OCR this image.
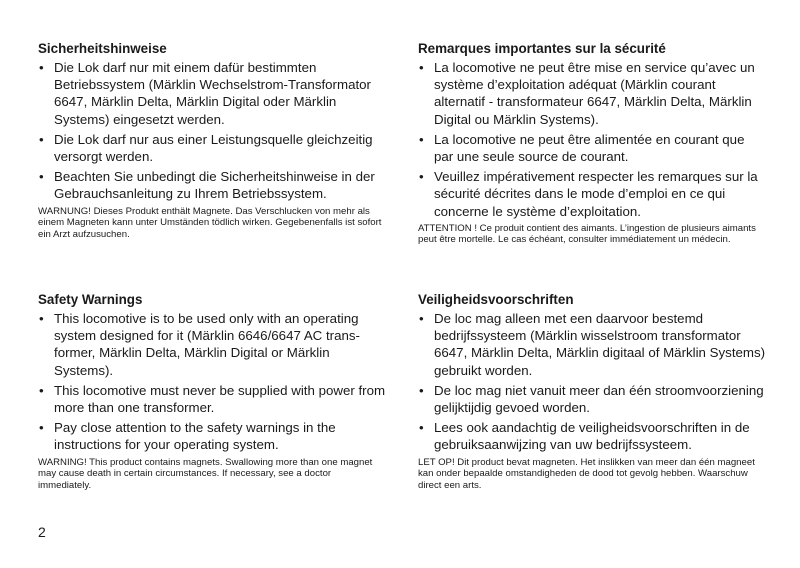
Sicherheitshinweise
• Die Lok darf nur mit einem dafür bestimmten Betriebssystem (Märklin Wechselstrom-Transformator 6647, Märklin Delta, Märklin Digital oder Märklin Systems) eingesetzt werden.
• Die Lok darf nur aus einer Leistungsquelle gleichzeitig versorgt werden.
• Beachten Sie unbedingt die Sicherheitshinweise in der Gebrauchsanleitung zu Ihrem Betriebssystem.

WARNUNG! Dieses Produkt enthält Magnete. Das Verschlucken von mehr als einem Magneten kann unter Umständen tödlich wirken. Gegebenenfalls ist sofort ein Arzt aufzusuchen.

Remarques importantes sur la sécurité
• La locomotive ne peut être mise en service qu’avec un système d’exploitation adéquat (Märklin courant alternatif - transformateur 6647, Märklin Delta, Märklin Digital ou Märklin Systems).
• La locomotive ne peut être alimentée en courant que par une seule source de courant.
• Veuillez impérativement respecter les remarques sur la sécurité décrites dans le mode d’emploi en ce qui concerne le système d’exploitation.

ATTENTION ! Ce produit contient des aimants. L’ingestion de plusieurs aimants peut être mortelle. Le cas échéant, consulter immédiatement un médecin.

Safety Warnings
• This locomotive is to be used only with an operating system designed for it (Märklin 6646/6647 AC trans-former, Märklin Delta, Märklin Digital or Märklin Systems).
• This locomotive must never be supplied with power from more than one transformer.
• Pay close attention to the safety warnings in the instructions for your operating system.

WARNING! This product contains magnets. Swallowing more than one magnet may cause death in certain circumstances. If necessary, see a doctor immediately.

Veiligheidsvoorschriften
• De loc mag alleen met een daarvoor bestemd bedrijfssysteem (Märklin wisselstroom transformator 6647, Märklin Delta, Märklin digitaal of Märklin Systems) gebruikt worden.
• De loc mag niet vanuit meer dan één stroomvoorziening gelijktijdig gevoed worden.
• Lees ook aandachtig de veiligheidsvoorschriften in de gebruiksaanwijzing van uw bedrijfssysteem.

LET OP! Dit product bevat magneten. Het inslikken van meer dan één magneet kan onder bepaalde omstandigheden de dood tot gevolg hebben. Waarschuw direct een arts.

2
